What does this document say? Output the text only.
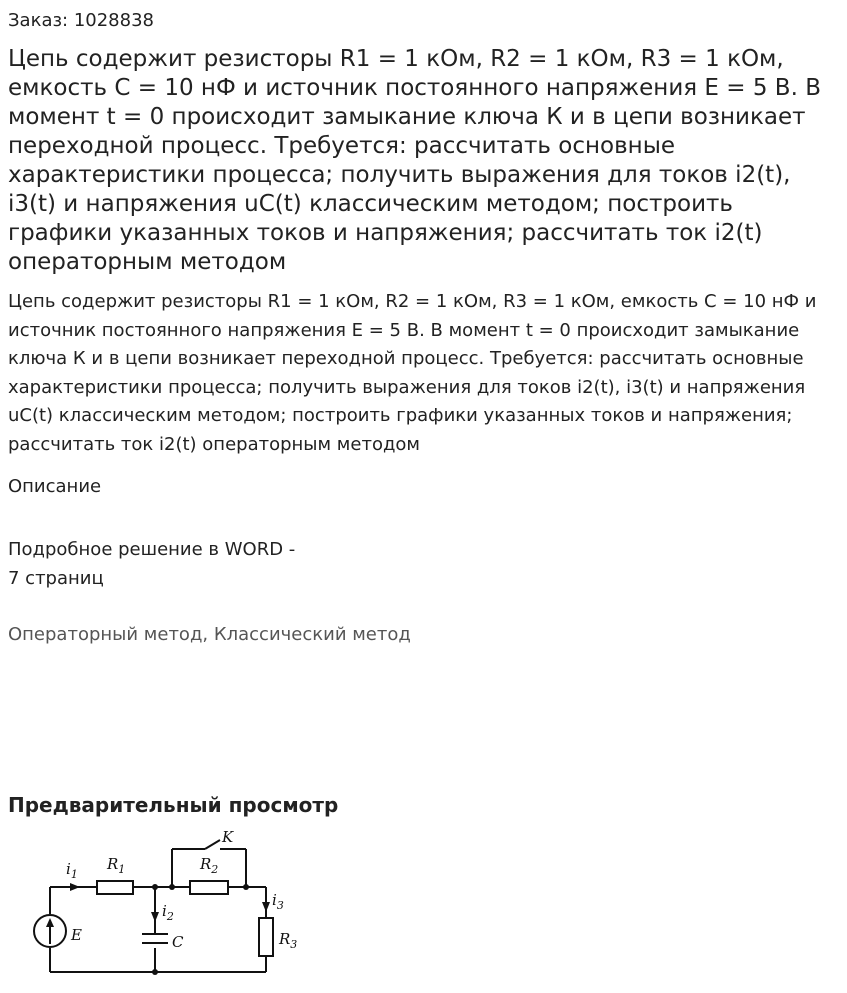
Заказ: 1028838
Цепь содержит резисторы R1 = 1 кОм, R2 = 1 кОм, R3 = 1 кОм, емкость С = 10 нФ и источник постоянного напряжения Е = 5 В. В момент t = 0 происходит замыкание ключа К и в цепи возникает переходной процесс. Требуется: рассчитать основные характеристики процесса; получить выражения для токов i2(t), i3(t) и напряжения uC(t) классическим методом; построить графики указанных токов и напряжения; рассчитать ток i2(t) операторным методом

Цепь содержит резисторы R1 = 1 кОм, R2 = 1 кОм, R3 = 1 кОм, емкость С = 10 нФ и источник постоянного напряжения Е = 5 В. В момент t = 0 происходит замыкание ключа К и в цепи возникает переходной процесс. Требуется: рассчитать основные характеристики процесса; получить выражения для токов i2(t), i3(t) и напряжения uC(t) классическим методом; построить графики указанных токов и напряжения; рассчитать ток i2(t) операторным методом

Описание
Подробное решение в WORD -
7 страниц
Операторный метод, Классический метод
Предварительный просмотр
$i_1$
$R_1$	$R_2$
K
$i_2$
$i_3$
E	C	$R_3$
